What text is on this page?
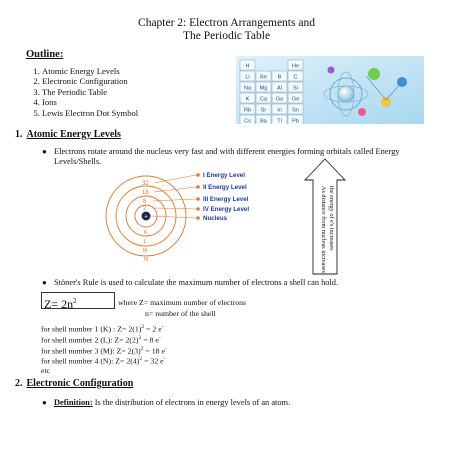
Chapter 2: Electron Arrangements and
The Periodic Table
Outline:
1. Atomic Energy Levels
2. Electronic Configuration
3. The Periodic Table
4. Ions
5. Lewis Electron Dot Symbol
H	He
Li Be B C
Na Mg Al Si
K Ca Ga Ge
Rb Sr In Sn
Cs Ba Tl Pb
1. Atomic Energy Levels
● Electrons rotate around the nucleus very fast and with different energies forming orbitals called Energy Levels/Shells.
+
32
18
8
2
K
L
M
N
I Energy Level
II Energy Level
III Energy Level
IV Energy Level
Nucleus	As distance from nucleus increases the energy of e's increases
● Stöner's Rule is used to calculate the maximum number of electrons a shell can hold.
$Z= 2n^2$	where Z= maximum number of electrons
n= number of the shell
for shell number 1 (K) : $Z= 2(1)^2 = 2$ e-
for shell number 2 (L): $Z= 2(2)^2 = 8$ e-
for shell number 3 (M): $Z= 2(3)^2 = 18$ e-
for shell number 4 (N): $Z= 2(4)^2 = 32$ e-
etc
2. Electronic Configuration
● Definition: Is the distribution of electrons in energy levels of an atom.
